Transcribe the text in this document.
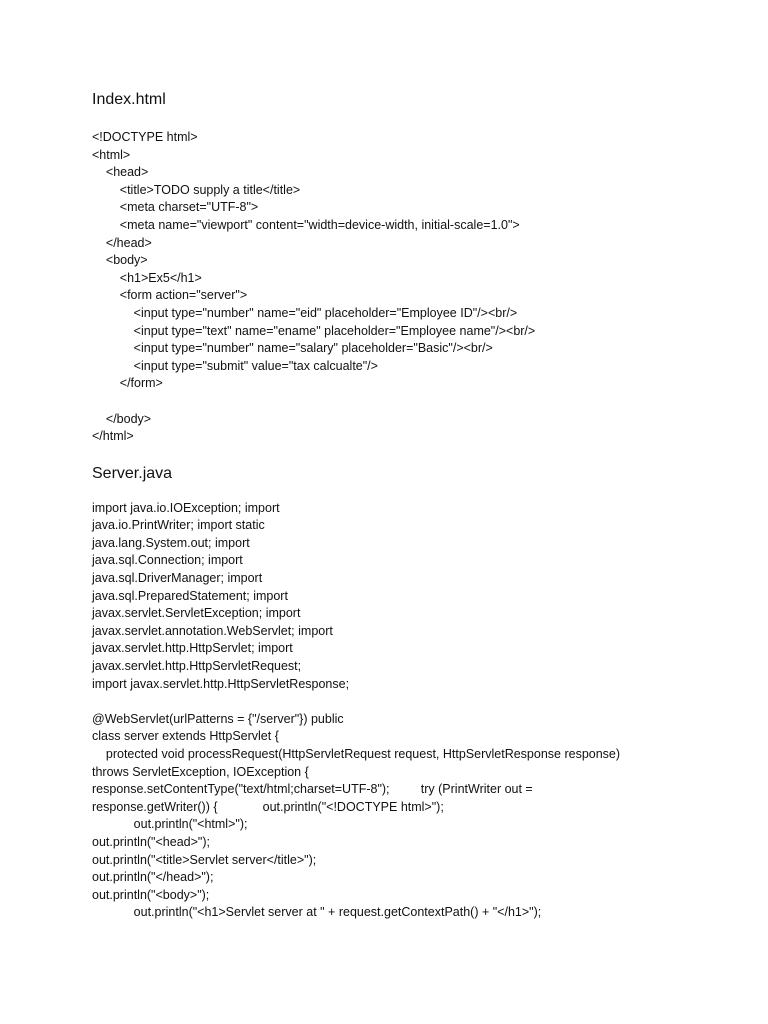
Index.html
<!DOCTYPE html>
<html>
<head>
<title>TODO supply a title</title>
<meta charset="UTF-8">
<meta name="viewport" content="width=device-width, initial-scale=1.0">
</head>
<body>
<h1>Ex5</h1>
<form action="server">
<input type="number" name="eid" placeholder="Employee ID"/><br/>
<input type="text" name="ename" placeholder="Employee name"/><br/>
<input type="number" name="salary" placeholder="Basic"/><br/>
<input type="submit" value="tax calcualte"/>
</form>
</body>
</html>
Server.java
import java.io.IOException; import
java.io.PrintWriter; import static
java.lang.System.out; import
java.sql.Connection; import
java.sql.DriverManager; import
java.sql.PreparedStatement; import
javax.servlet.ServletException; import
javax.servlet.annotation.WebServlet; import
javax.servlet.http.HttpServlet; import
javax.servlet.http.HttpServletRequest;
import javax.servlet.http.HttpServletResponse;
@WebServlet(urlPatterns = {"/server"}) public
class server extends HttpServlet {
protected void processRequest(HttpServletRequest request, HttpServletResponse response)
throws ServletException, IOException {
response.setContentType("text/html;charset=UTF-8");         try (PrintWriter out =
response.getWriter()) {             out.println("<!DOCTYPE html>");
out.println("<html>");
out.println("<head>");
out.println("<title>Servlet server</title>");
out.println("</head>");
out.println("<body>");
out.println("<h1>Servlet server at " + request.getContextPath() + "</h1>");
